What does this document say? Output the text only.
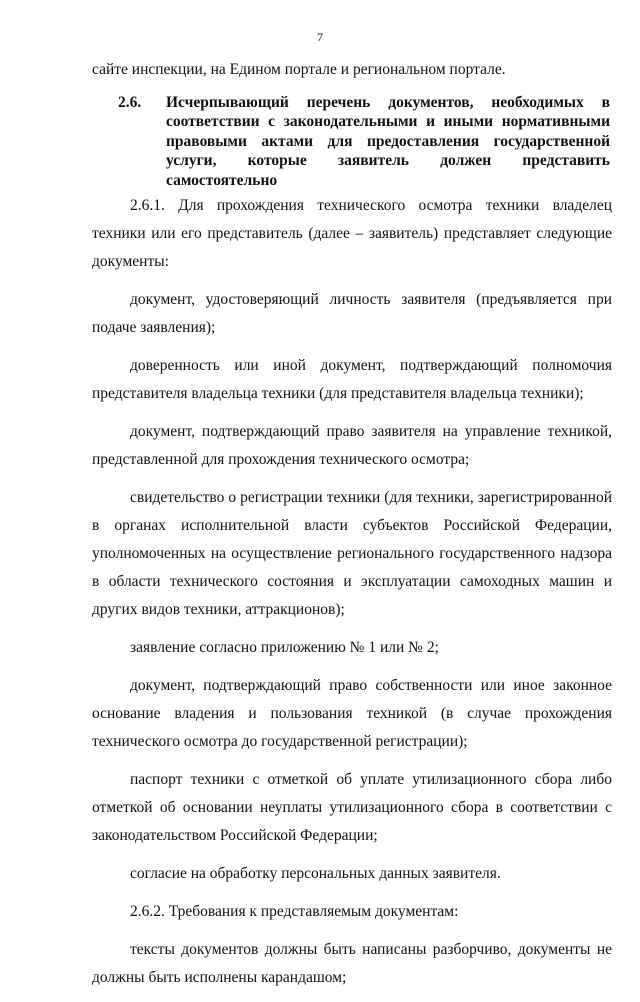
7
сайте инспекции, на Едином портале и региональном портале.
2.6. Исчерпывающий перечень документов, необходимых в соответствии с законодательными и иными нормативными правовыми актами для предоставления государственной услуги, которые заявитель должен представить самостоятельно

2.6.1. Для прохождения технического осмотра техники владелец техники или его представитель (далее – заявитель) представляет следующие документы:

документ, удостоверяющий личность заявителя (предъявляется при подаче заявления);

доверенность или иной документ, подтверждающий полномочия представителя владельца техники (для представителя владельца техники);

документ, подтверждающий право заявителя на управление техникой, представленной для прохождения технического осмотра;

свидетельство о регистрации техники (для техники, зарегистрированной в органах исполнительной власти субъектов Российской Федерации, уполномоченных на осуществление регионального государственного надзора в области технического состояния и эксплуатации самоходных машин и других видов техники, аттракционов);

заявление согласно приложению № 1 или № 2;

документ, подтверждающий право собственности или иное законное основание владения и пользования техникой (в случае прохождения технического осмотра до государственной регистрации);

паспорт техники с отметкой об уплате утилизационного сбора либо отметкой об основании неуплаты утилизационного сбора в соответствии с законодательством Российской Федерации;

согласие на обработку персональных данных заявителя.

2.6.2. Требования к представляемым документам:

тексты документов должны быть написаны разборчиво, документы не должны быть исполнены карандашом;
